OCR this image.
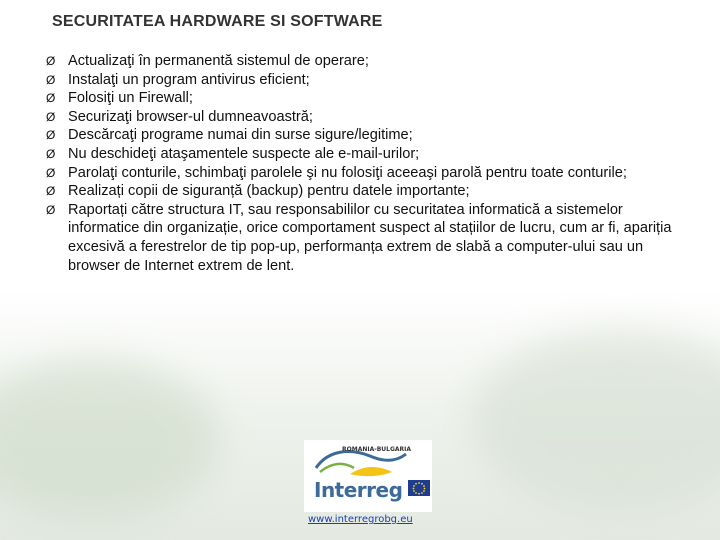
SECURITATEA HARDWARE SI SOFTWARE
Ø Actualizaţi în permanentă sistemul de operare;
Ø Instalaţi un program antivirus eficient;
Ø Folosiţi un Firewall;
Ø Securizaţi browser-ul dumneavoastră;
Ø Descărcaţi programe numai din surse sigure/legitime;
Ø Nu deschideţi ataşamentele suspecte ale e-mail-urilor;
Ø Parolaţi conturile, schimbaţi parolele şi nu folosiţi aceeaşi parolă pentru toate conturile;
Ø Realizați copii de siguranță (backup) pentru datele importante;
Ø Raportați către structura IT, sau responsabililor cu securitatea informatică a sistemelor informatice din organizație, orice comportament suspect al stațiilor de lucru, cum ar fi, apariția excesivă a ferestrelor de tip pop-up, performanța extrem de slabă a computer-ului sau un browser de Internet extrem de lent.
ROMANIA-BULGARIA
Interreg
www.interregrobg.eu
